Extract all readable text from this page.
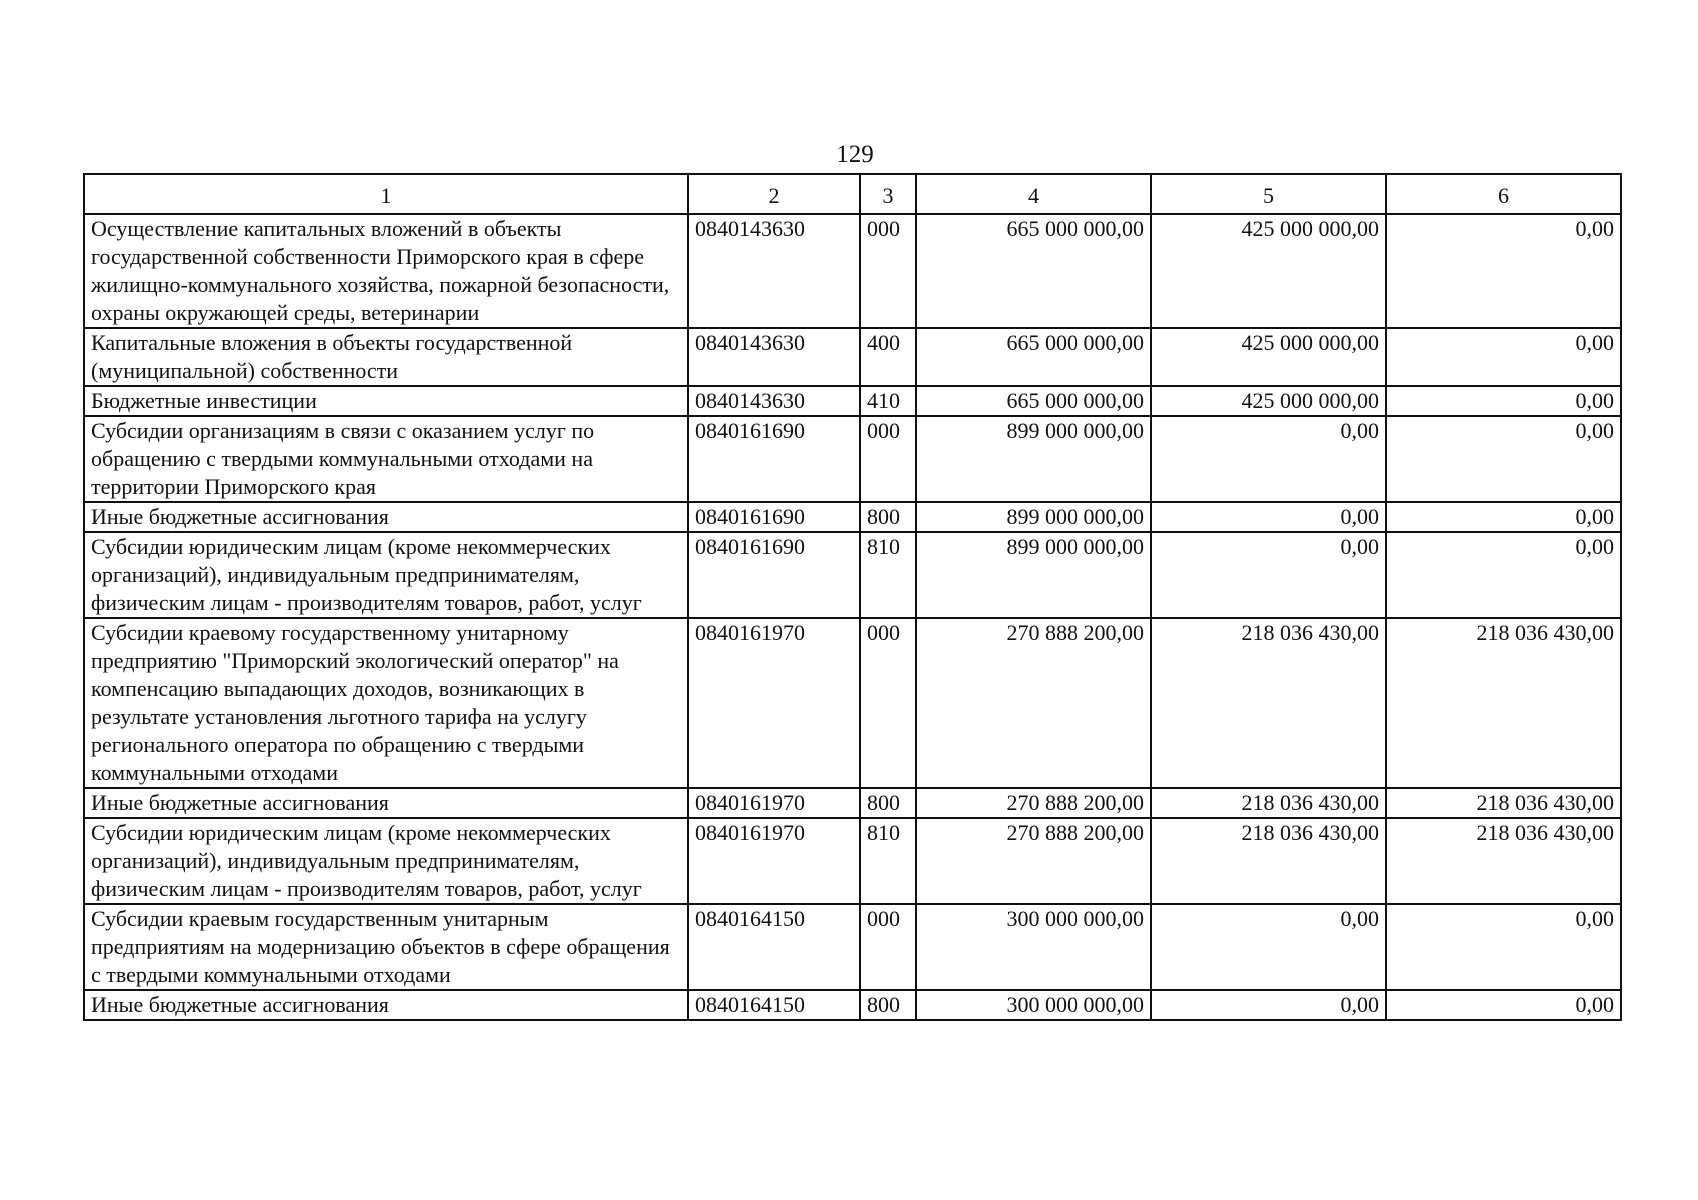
129
1	2	3	4	5	6
Осуществление капитальных вложений в объекты государственной собственности Приморского края в сфере жилищно-коммунального хозяйства, пожарной безопасности, охраны окружающей среды, ветеринарии	0840143630	000	665 000 000,00	425 000 000,00	0,00
Капитальные вложения в объекты государственной (муниципальной) собственности	0840143630	400	665 000 000,00	425 000 000,00	0,00
Бюджетные инвестиции	0840143630	410	665 000 000,00	425 000 000,00	0,00
Субсидии организациям в связи с оказанием услуг по обращению с твердыми коммунальными отходами на территории Приморского края	0840161690	000	899 000 000,00	0,00	0,00
Иные бюджетные ассигнования	0840161690	800	899 000 000,00	0,00	0,00
Субсидии юридическим лицам (кроме некоммерческих организаций), индивидуальным предпринимателям, физическим лицам - производителям товаров, работ, услуг	0840161690	810	899 000 000,00	0,00	0,00
Субсидии краевому государственному унитарному предприятию "Приморский экологический оператор" на компенсацию выпадающих доходов, возникающих в результате установления льготного тарифа на услугу регионального оператора по обращению с твердыми коммунальными отходами	0840161970	000	270 888 200,00	218 036 430,00	218 036 430,00
Иные бюджетные ассигнования	0840161970	800	270 888 200,00	218 036 430,00	218 036 430,00
Субсидии юридическим лицам (кроме некоммерческих организаций), индивидуальным предпринимателям, физическим лицам - производителям товаров, работ, услуг	0840161970	810	270 888 200,00	218 036 430,00	218 036 430,00
Субсидии краевым государственным унитарным предприятиям на модернизацию объектов в сфере обращения с твердыми коммунальными отходами	0840164150	000	300 000 000,00	0,00	0,00
Иные бюджетные ассигнования	0840164150	800	300 000 000,00	0,00	0,00
